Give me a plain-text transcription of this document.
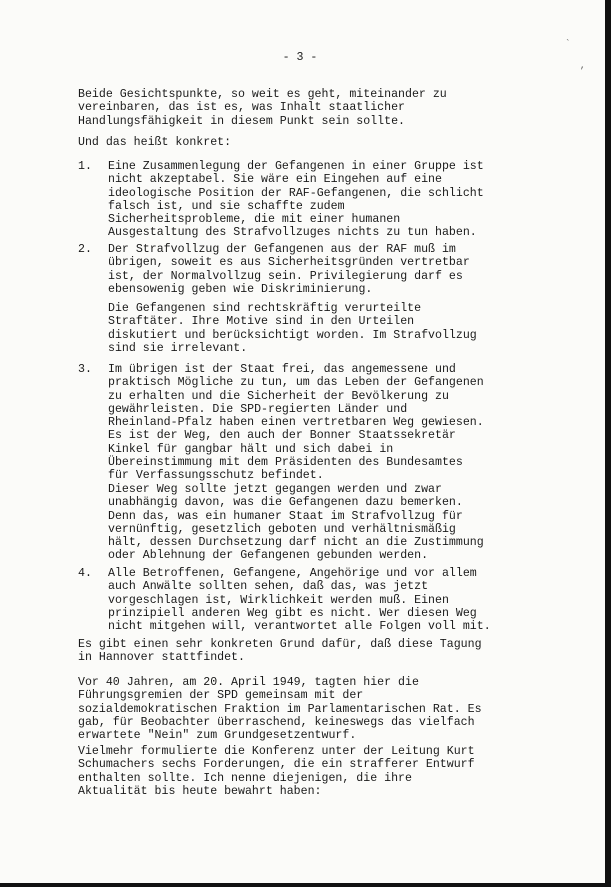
- 3 -
`
,

Beide Gesichtspunkte, so weit es geht, miteinander zu
vereinbaren, das ist es, was Inhalt staatlicher
Handlungsfähigkeit in diesem Punkt sein sollte.

Und das heißt konkret:

1. Eine Zusammenlegung der Gefangenen in einer Gruppe ist
nicht akzeptabel. Sie wäre ein Eingehen auf eine
ideologische Position der RAF-Gefangenen, die schlicht
falsch ist, und sie schaffte zudem
Sicherheitsprobleme, die mit einer humanen
Ausgestaltung des Strafvollzuges nichts zu tun haben.

2. Der Strafvollzug der Gefangenen aus der RAF muß im
übrigen, soweit es aus Sicherheitsgründen vertretbar
ist, der Normalvollzug sein. Privilegierung darf es
ebensowenig geben wie Diskriminierung.

Die Gefangenen sind rechtskräftig verurteilte
Straftäter. Ihre Motive sind in den Urteilen
diskutiert und berücksichtigt worden. Im Strafvollzug
sind sie irrelevant.

3. Im übrigen ist der Staat frei, das angemessene und
praktisch Mögliche zu tun, um das Leben der Gefangenen
zu erhalten und die Sicherheit der Bevölkerung zu
gewährleisten. Die SPD-regierten Länder und
Rheinland-Pfalz haben einen vertretbaren Weg gewiesen.
Es ist der Weg, den auch der Bonner Staatssekretär
Kinkel für gangbar hält und sich dabei in
Übereinstimmung mit dem Präsidenten des Bundesamtes
für Verfassungsschutz befindet.

Dieser Weg sollte jetzt gegangen werden und zwar
unabhängig davon, was die Gefangenen dazu bemerken.
Denn das, was ein humaner Staat im Strafvollzug für
vernünftig, gesetzlich geboten und verhältnismäßig
hält, dessen Durchsetzung darf nicht an die Zustimmung
oder Ablehnung der Gefangenen gebunden werden.

4. Alle Betroffenen, Gefangene, Angehörige und vor allem
auch Anwälte sollten sehen, daß das, was jetzt
vorgeschlagen ist, Wirklichkeit werden muß. Einen
prinzipiell anderen Weg gibt es nicht. Wer diesen Weg
nicht mitgehen will, verantwortet alle Folgen voll mit.

Es gibt einen sehr konkreten Grund dafür, daß diese Tagung
in Hannover stattfindet.

Vor 40 Jahren, am 20. April 1949, tagten hier die
Führungsgremien der SPD gemeinsam mit der
sozialdemokratischen Fraktion im Parlamentarischen Rat. Es
gab, für Beobachter überraschend, keineswegs das vielfach
erwartete "Nein" zum Grundgesetzentwurf.

Vielmehr formulierte die Konferenz unter der Leitung Kurt
Schumachers sechs Forderungen, die ein strafferer Entwurf
enthalten sollte. Ich nenne diejenigen, die ihre
Aktualität bis heute bewahrt haben:
